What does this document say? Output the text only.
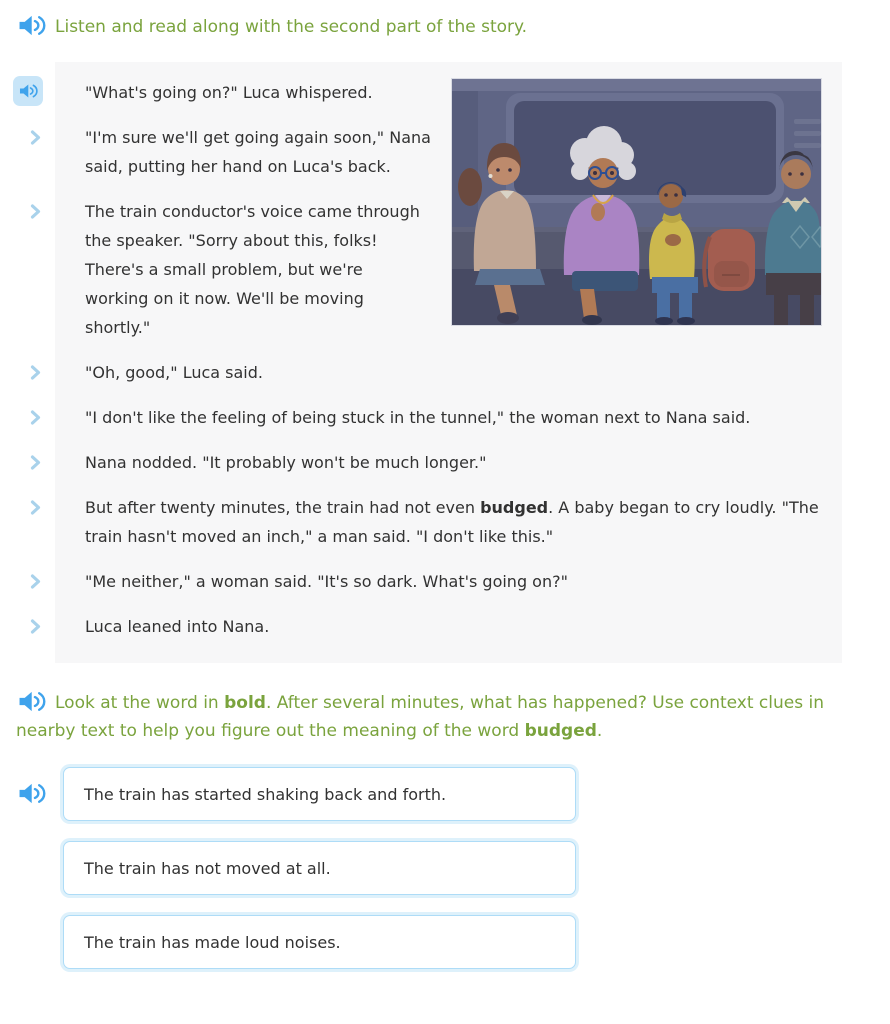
Listen and read along with the second part of the story.

"What's going on?" Luca whispered.

"I'm sure we'll get going again soon," Nana said, putting her hand on Luca's back.

The train conductor's voice came through the speaker. "Sorry about this, folks! There's a small problem, but we're working on it now. We'll be moving shortly."

"Oh, good," Luca said.

"I don't like the feeling of being stuck in the tunnel," the woman next to Nana said.

Nana nodded. "It probably won't be much longer."

But after twenty minutes, the train had not even budged. A baby began to cry loudly. "The train hasn't moved an inch," a man said. "I don't like this."

"Me neither," a woman said. "It's so dark. What's going on?"

Luca leaned into Nana.

Look at the word in bold. After several minutes, what has happened? Use context clues in nearby text to help you figure out the meaning of the word budged.

The train has started shaking back and forth.
The train has not moved at all.
The train has made loud noises.
